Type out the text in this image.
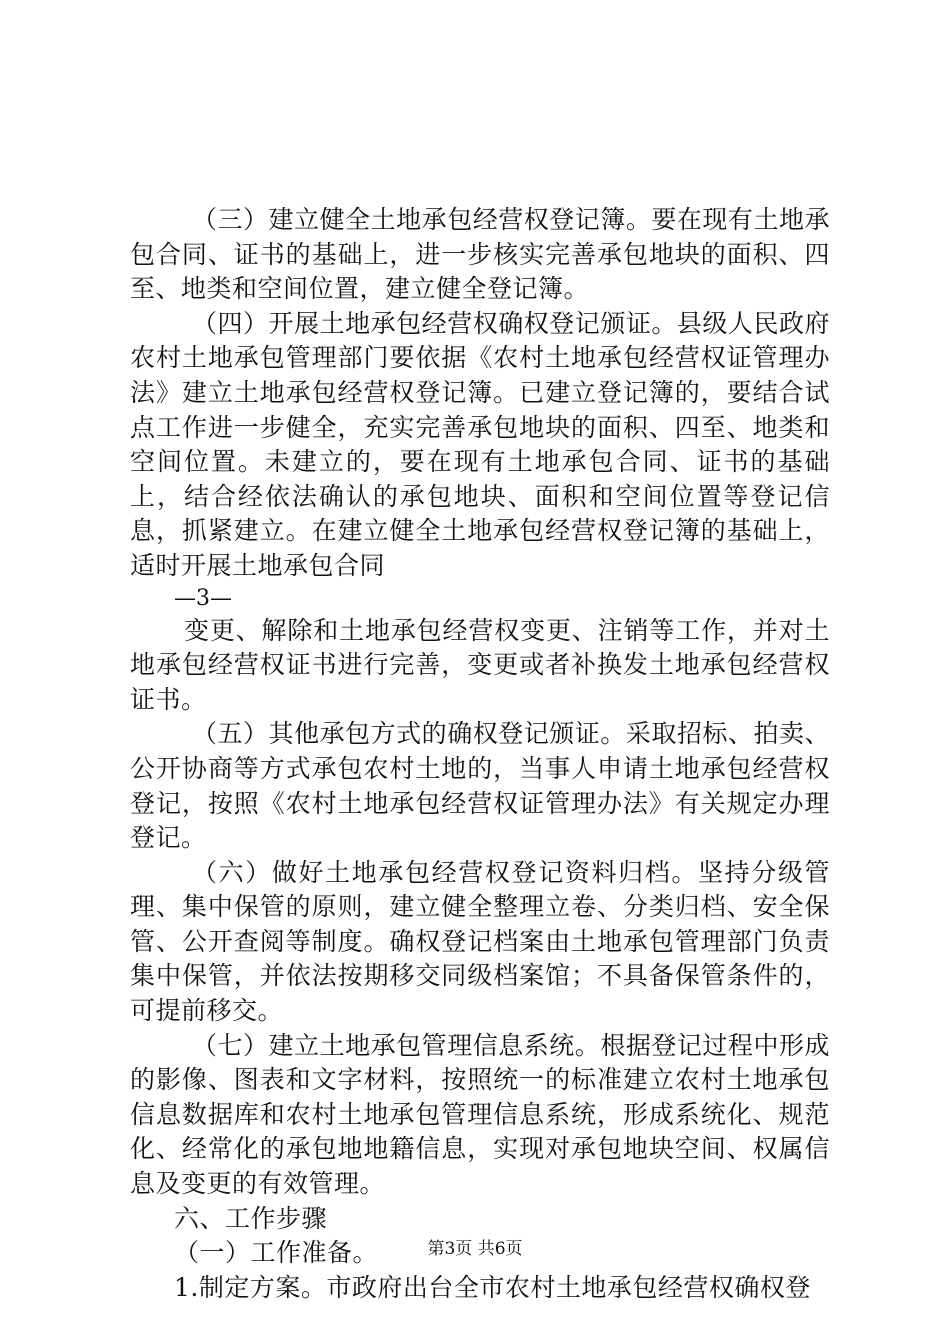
（三）建立健全土地承包经营权登记簿。要在现有土地承包合同、证书的基础上，进一步核实完善承包地块的面积、四至、地类和空间位置，建立健全登记簿。

（四）开展土地承包经营权确权登记颁证。县级人民政府农村土地承包管理部门要依据《农村土地承包经营权证管理办法》建立土地承包经营权登记簿。已建立登记簿的，要结合试点工作进一步健全，充实完善承包地块的面积、四至、地类和空间位置。未建立的，要在现有土地承包合同、证书的基础上，结合经依法确认的承包地块、面积和空间位置等登记信息，抓紧建立。在建立健全土地承包经营权登记簿的基础上，适时开展土地承包合同

—3—

变更、解除和土地承包经营权变更、注销等工作，并对土地承包经营权证书进行完善，变更或者补换发土地承包经营权证书。

（五）其他承包方式的确权登记颁证。采取招标、拍卖、公开协商等方式承包农村土地的，当事人申请土地承包经营权登记，按照《农村土地承包经营权证管理办法》有关规定办理登记。

（六）做好土地承包经营权登记资料归档。坚持分级管理、集中保管的原则，建立健全整理立卷、分类归档、安全保管、公开查阅等制度。确权登记档案由土地承包管理部门负责集中保管，并依法按期移交同级档案馆；不具备保管条件的，可提前移交。

（七）建立土地承包管理信息系统。根据登记过程中形成的影像、图表和文字材料，按照统一的标准建立农村土地承包信息数据库和农村土地承包管理信息系统，形成系统化、规范化、经常化的承包地地籍信息，实现对承包地块空间、权属信息及变更的有效管理。

六、工作步骤

（一）工作准备。

1.制定方案。市政府出台全市农村土地承包经营权确权登

第3页 共6页
